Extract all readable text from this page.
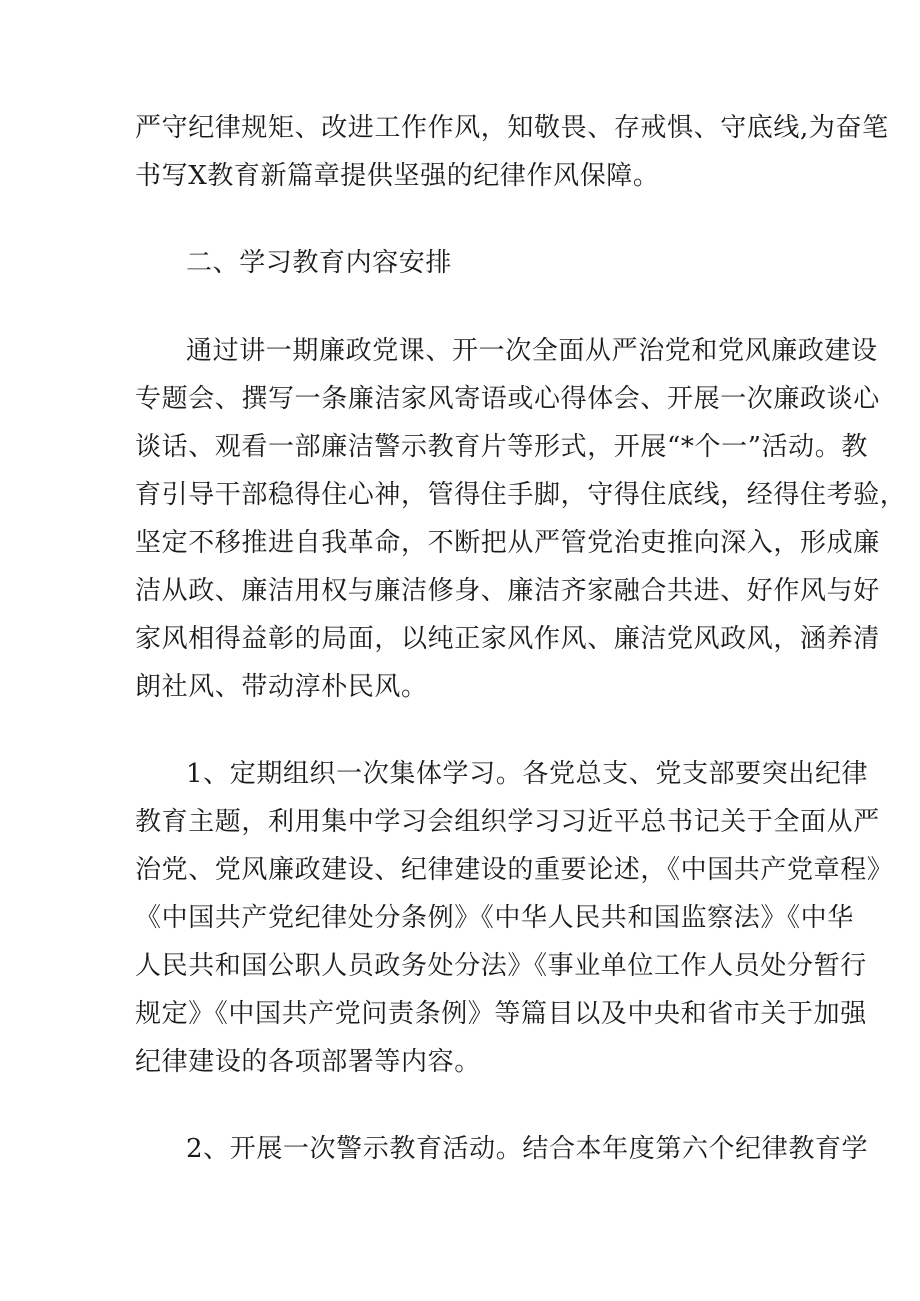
严守纪律规矩、改进工作作风，知敬畏、存戒惧、守底线,为奋笔

书写X教育新篇章提供坚强的纪律作风保障。

二、学习教育内容安排

通过讲一期廉政党课、开一次全面从严治党和党风廉政建设

专题会、撰写一条廉洁家风寄语或心得体会、开展一次廉政谈心

谈话、观看一部廉洁警示教育片等形式，开展“*个一”活动。教

育引导干部稳得住心神，管得住手脚，守得住底线，经得住考验，

坚定不移推进自我革命，不断把从严管党治吏推向深入，形成廉

洁从政、廉洁用权与廉洁修身、廉洁齐家融合共进、好作风与好

家风相得益彰的局面，以纯正家风作风、廉洁党风政风，涵养清

朗社风、带动淳朴民风。

1、定期组织一次集体学习。各党总支、党支部要突出纪律

教育主题，利用集中学习会组织学习习近平总书记关于全面从严

治党、党风廉政建设、纪律建设的重要论述，《中国共产党章程》

《中国共产党纪律处分条例》《中华人民共和国监察法》《中华

人民共和国公职人员政务处分法》《事业单位工作人员处分暂行

规定》《中国共产党问责条例》等篇目以及中央和省市关于加强

纪律建设的各项部署等内容。

2、开展一次警示教育活动。结合本年度第六个纪律教育学
